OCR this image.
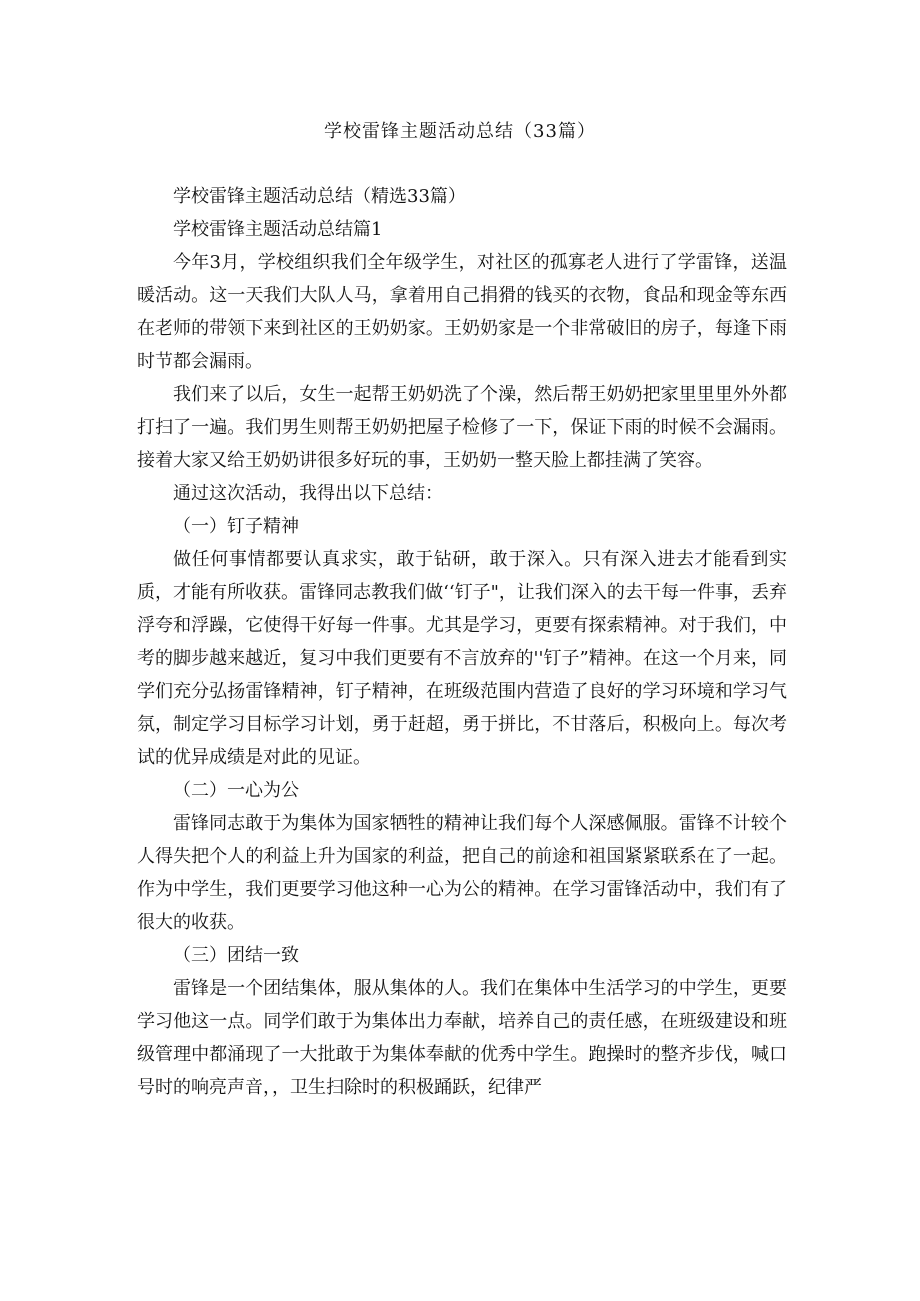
学校雷锋主题活动总结（33篇）

学校雷锋主题活动总结（精选33篇）

学校雷锋主题活动总结篇1

今年3月，学校组织我们全年级学生，对社区的孤寡老人进行了学雷锋，送温暖活动。这一天我们大队人马，拿着用自己捐猾的钱买的衣物，食品和现金等东西在老师的带领下来到社区的王奶奶家。王奶奶家是一个非常破旧的房子，每逢下雨时节都会漏雨。

我们来了以后，女生一起帮王奶奶洗了个澡，然后帮王奶奶把家里里里外外都打扫了一遍。我们男生则帮王奶奶把屋子检修了一下，保证下雨的时候不会漏雨。接着大家又给王奶奶讲很多好玩的事，王奶奶一整天脸上都挂满了笑容。

通过这次活动，我得出以下总结：

（一）钉子精神

做任何事情都要认真求实，敢于钻研，敢于深入。只有深入进去才能看到实质，才能有所收获。雷锋同志教我们做‘‘钉子"，让我们深入的去干每一件事，丢弃浮夸和浮躁，它使得干好每一件事。尤其是学习，更要有探索精神。对于我们，中考的脚步越来越近，复习中我们更要有不言放弃的''钉子”精神。在这一个月来，同学们充分弘扬雷锋精神，钉子精神，在班级范围内营造了良好的学习环境和学习气氛，制定学习目标学习计划，勇于赶超，勇于拼比，不甘落后，积极向上。每次考试的优异成绩是对此的见证。

（二）一心为公

雷锋同志敢于为集体为国家牺牲的精神让我们每个人深感佩服。雷锋不计较个人得失把个人的利益上升为国家的利益，把自己的前途和祖国紧紧联系在了一起。作为中学生，我们更要学习他这种一心为公的精神。在学习雷锋活动中，我们有了很大的收获。

（三）团结一致

雷锋是一个团结集体，服从集体的人。我们在集体中生活学习的中学生，更要学习他这一点。同学们敢于为集体出力奉献，培养自己的责任感，在班级建设和班级管理中都涌现了一大批敢于为集体奉献的优秀中学生。跑操时的整齐步伐，喊口号时的响亮声音，，卫生扫除时的积极踊跃，纪律严
